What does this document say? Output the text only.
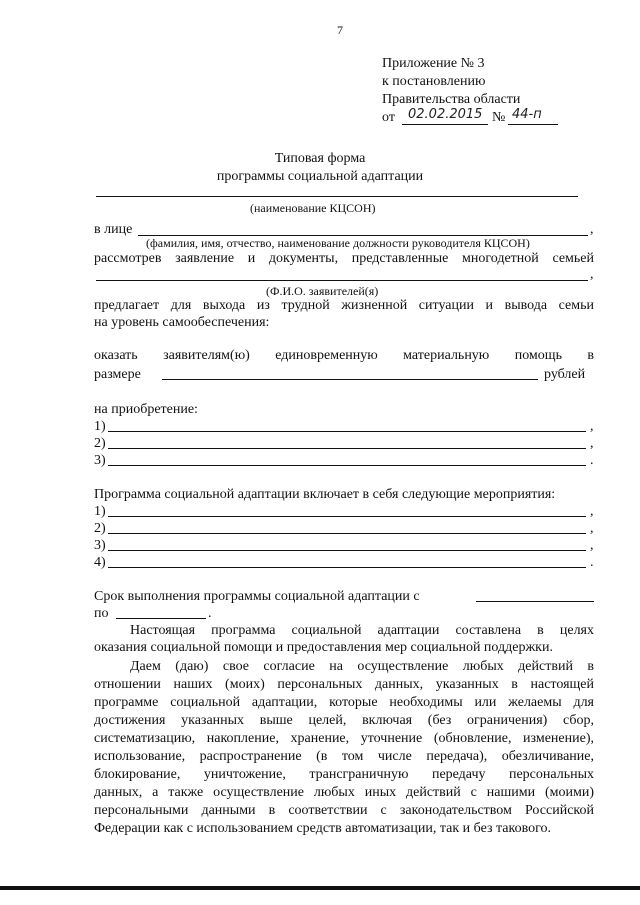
7
Приложение № 3
к постановлению
Правительства области
от 02.02.2015 № 44-п
Типовая форма
программы социальной адаптации
(наименование КЦСОН)
в лице	,
(фамилия, имя, отчество, наименование должности руководителя КЦСОН)
рассмотрев заявление и документы, представленные многодетной семьей
,
(Ф.И.О. заявителей(я)
предлагает для выхода из трудной жизненной ситуации и вывода семьи
на уровень самообеспечения:
оказать заявителям(ю) единовременную материальную помощь в
размере	рублей
на приобретение:
1)	,
2)	,
3)	.
Программа социальной адаптации включает в себя следующие мероприятия:
1)	,
2)	,
3)	,
4)	.
Срок выполнения программы социальной адаптации с
по	.
Настоящая программа социальной адаптации составлена в целях
оказания социальной помощи и предоставления мер социальной поддержки.
Даем (даю) свое согласие на осуществление любых действий в
отношении наших (моих) персональных данных, указанных в настоящей
программе социальной адаптации, которые необходимы или желаемы для
достижения указанных выше целей, включая (без ограничения) сбор,
систематизацию, накопление, хранение, уточнение (обновление, изменение),
использование, распространение (в том числе передача), обезличивание,
блокирование, уничтожение, трансграничную передачу персональных
данных, а также осуществление любых иных действий с нашими (моими)
персональными данными в соответствии с законодательством Российской
Федерации как с использованием средств автоматизации, так и без такового.
